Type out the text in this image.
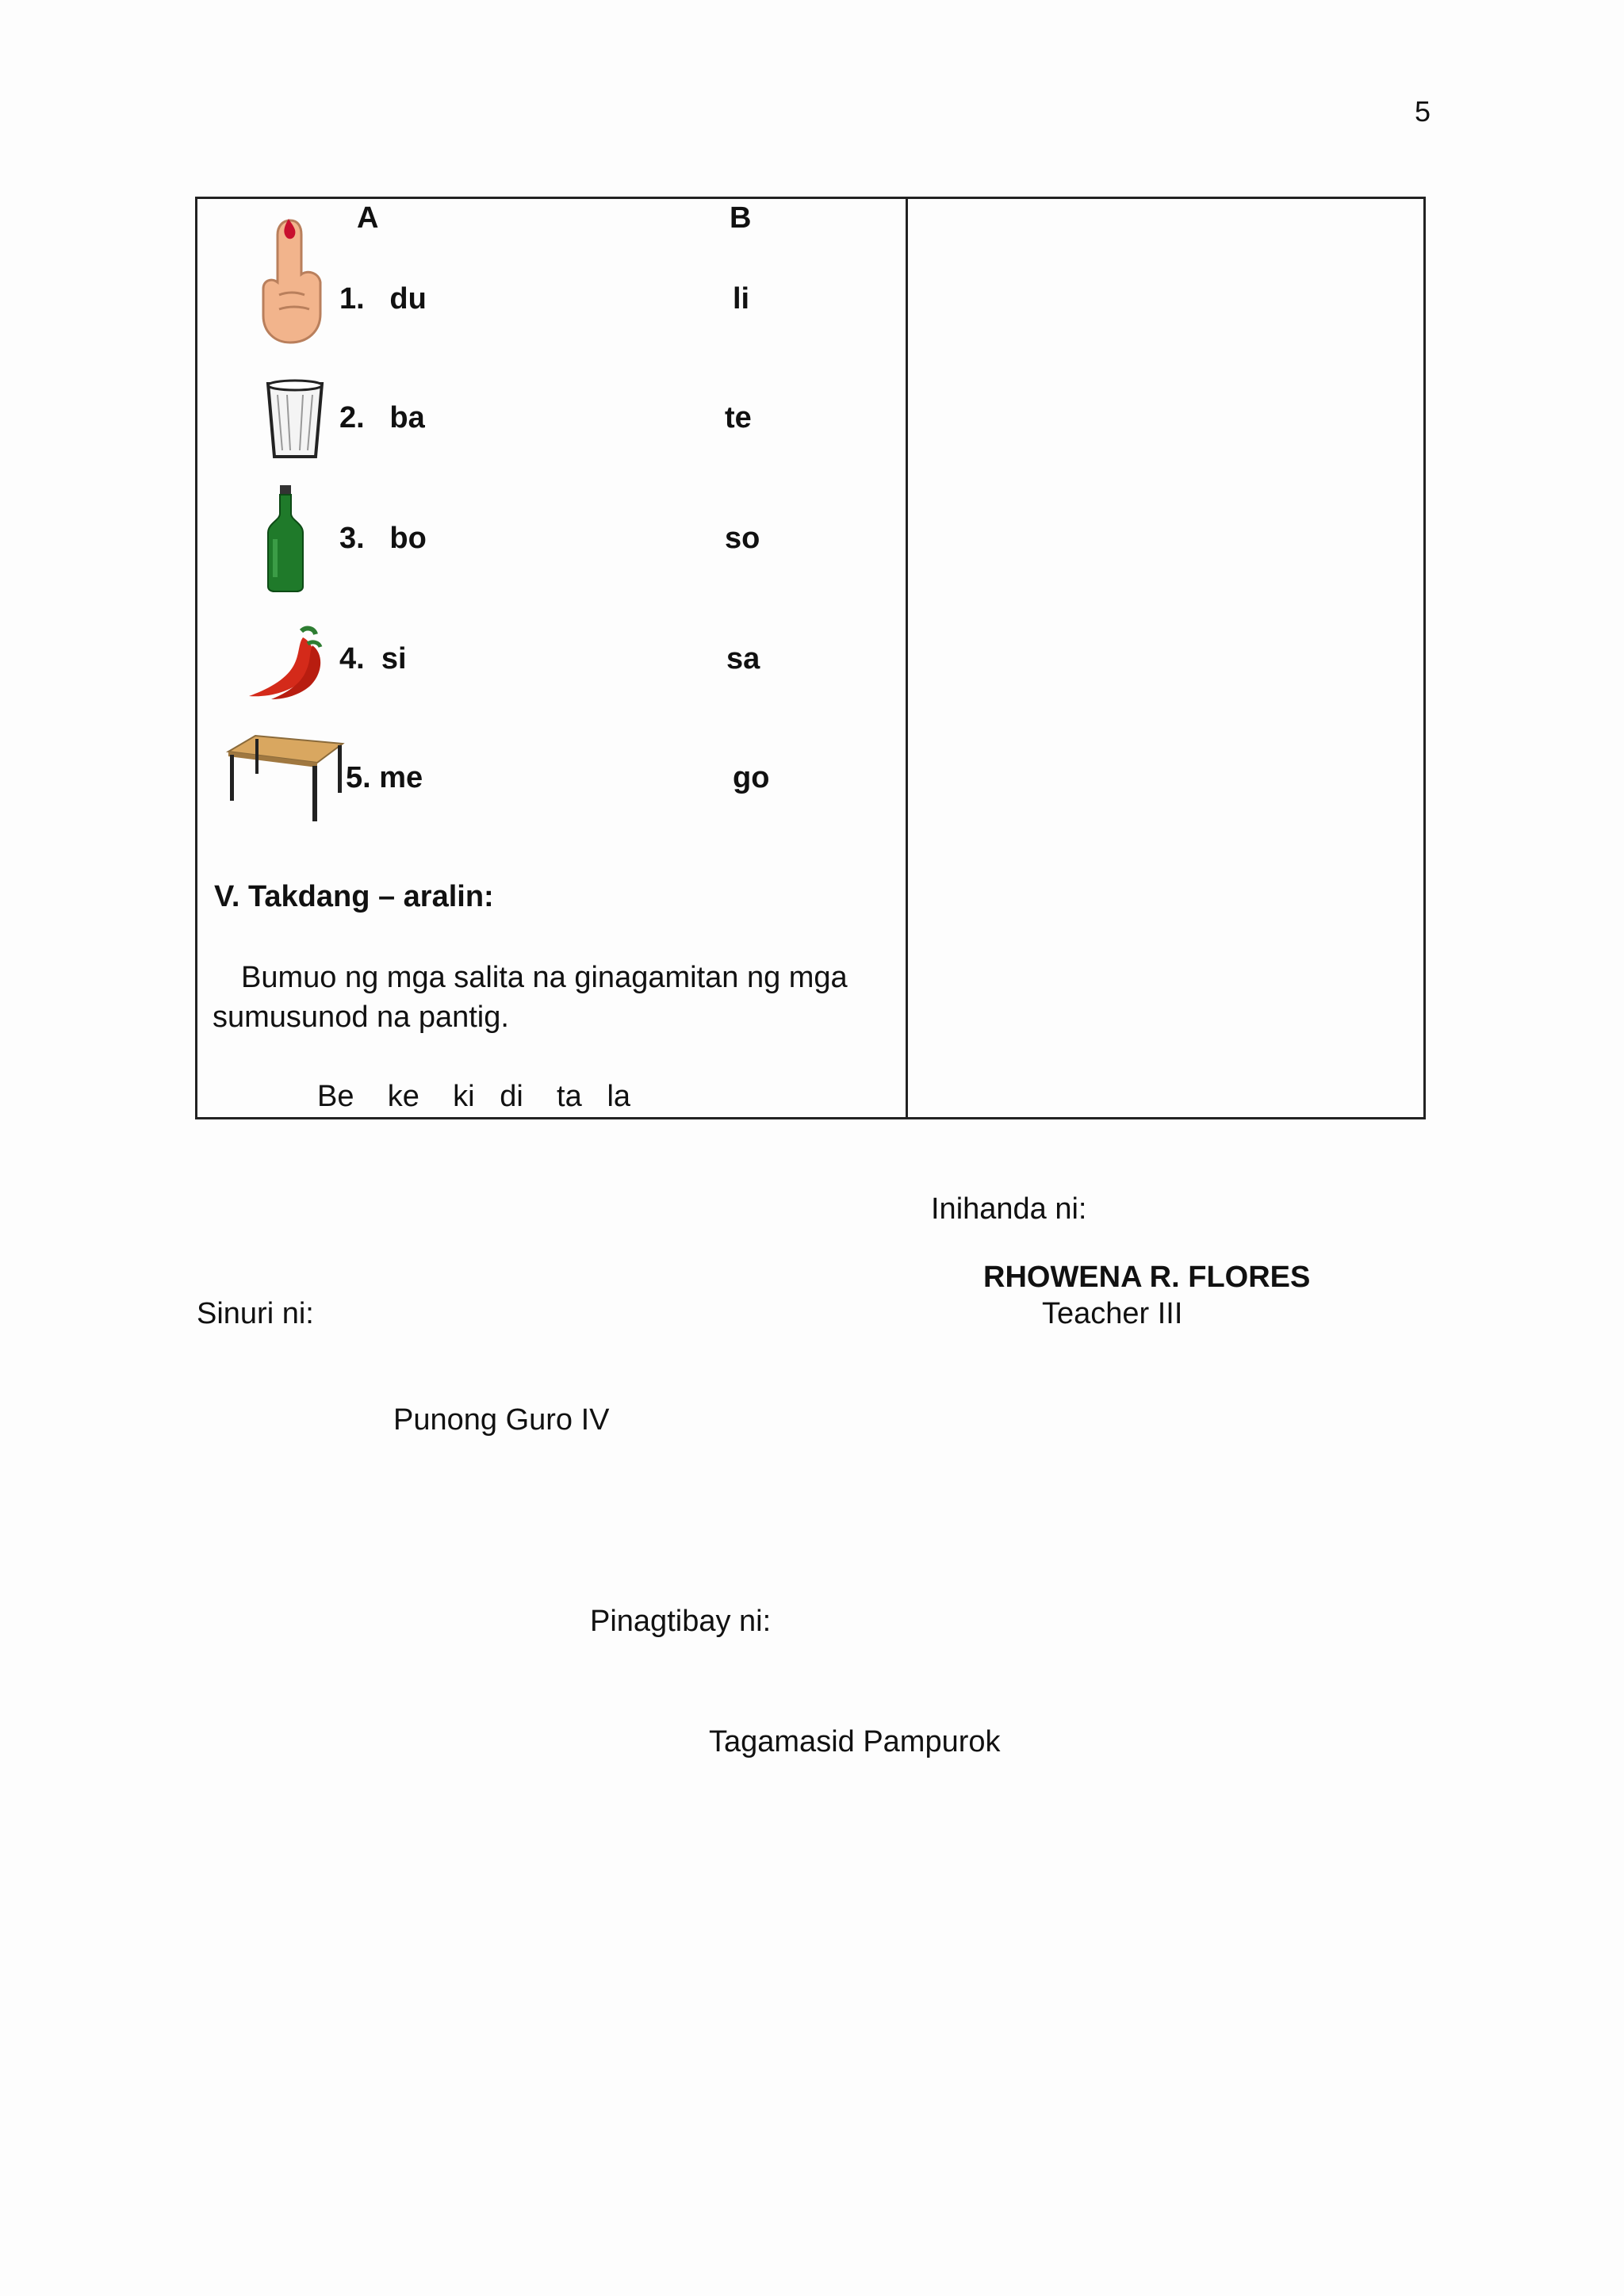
5
A	B
1. du	li
2. ba	te
3. bo	so
4. si	sa
5. me	go
V. Takdang – aralin:
Bumuo ng mga salita na ginagamitan ng mga
sumusunod na pantig.
Be ke ki di ta la
Inihanda ni:
RHOWENA R. FLORES
Teacher III
Sinuri ni:
Punong Guro IV
Pinagtibay ni:
Tagamasid Pampurok
